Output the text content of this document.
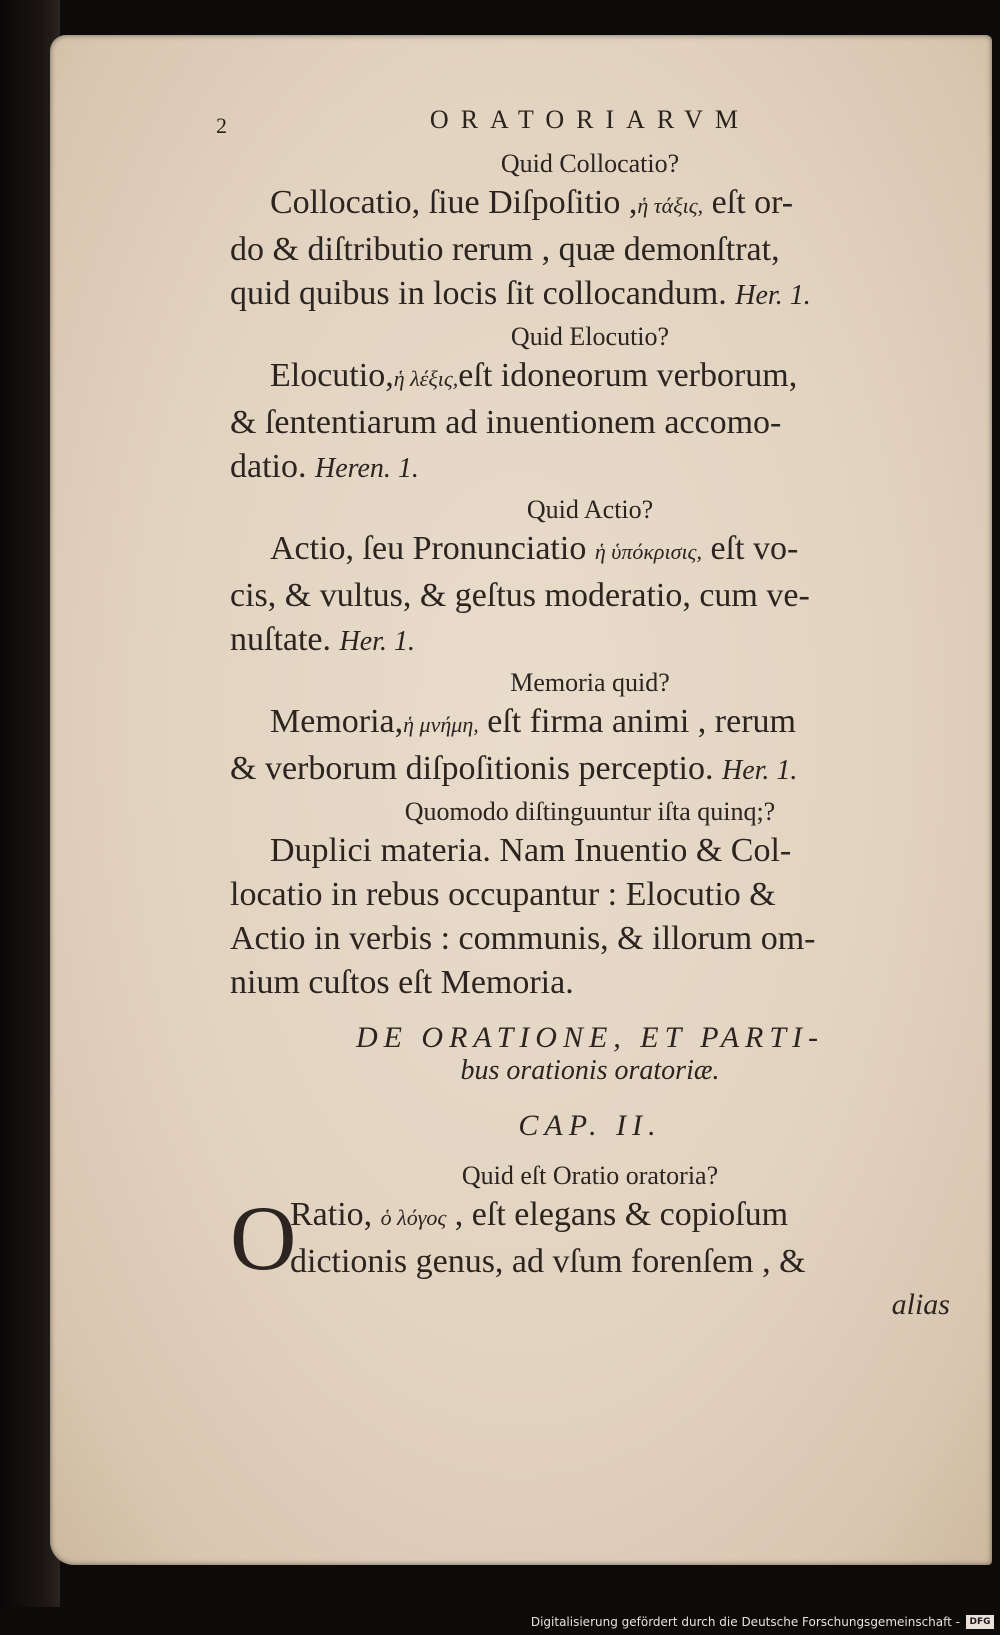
2	ORATORIARVM
Quid Collocatio?

Collocatio, ſiue Diſpoſitio ,ἡ τάξις, eſt or-
do & diſtributio rerum , quæ demonſtrat,
quid quibus in locis ſit collocandum. Her. 1.

Quid Elocutio?

Elocutio,ἡ λέξις,eſt idoneorum verborum,
& ſententiarum ad inuentionem accomo-
datio. Heren. 1.

Quid Actio?

Actio, ſeu Pronunciatio ἡ ὑπόκρισις, eſt vo-
cis, & vultus, & geſtus moderatio, cum ve-
nuſtate. Her. 1.

Memoria quid?

Memoria,ἡ μνήμη, eſt firma animi , rerum
& verborum diſpoſitionis perceptio. Her. 1.

Quomodo diſtinguuntur iſta quinq;?

Duplici materia. Nam Inuentio & Col-
locatio in rebus occupantur : Elocutio &
Actio in verbis : communis, & illorum om-
nium cuſtos eſt Memoria.

DE ORATIONE, ET PARTI-
bus orationis oratoriæ.
CAP. II.
Quid eſt Oratio oratoria?
O

Ratio, ὁ λόγος , eſt elegans & copioſum
dictionis genus, ad vſum forenſem , &

alias
Digitalisierung gefördert durch die Deutsche Forschungsgemeinschaft -	DFG
